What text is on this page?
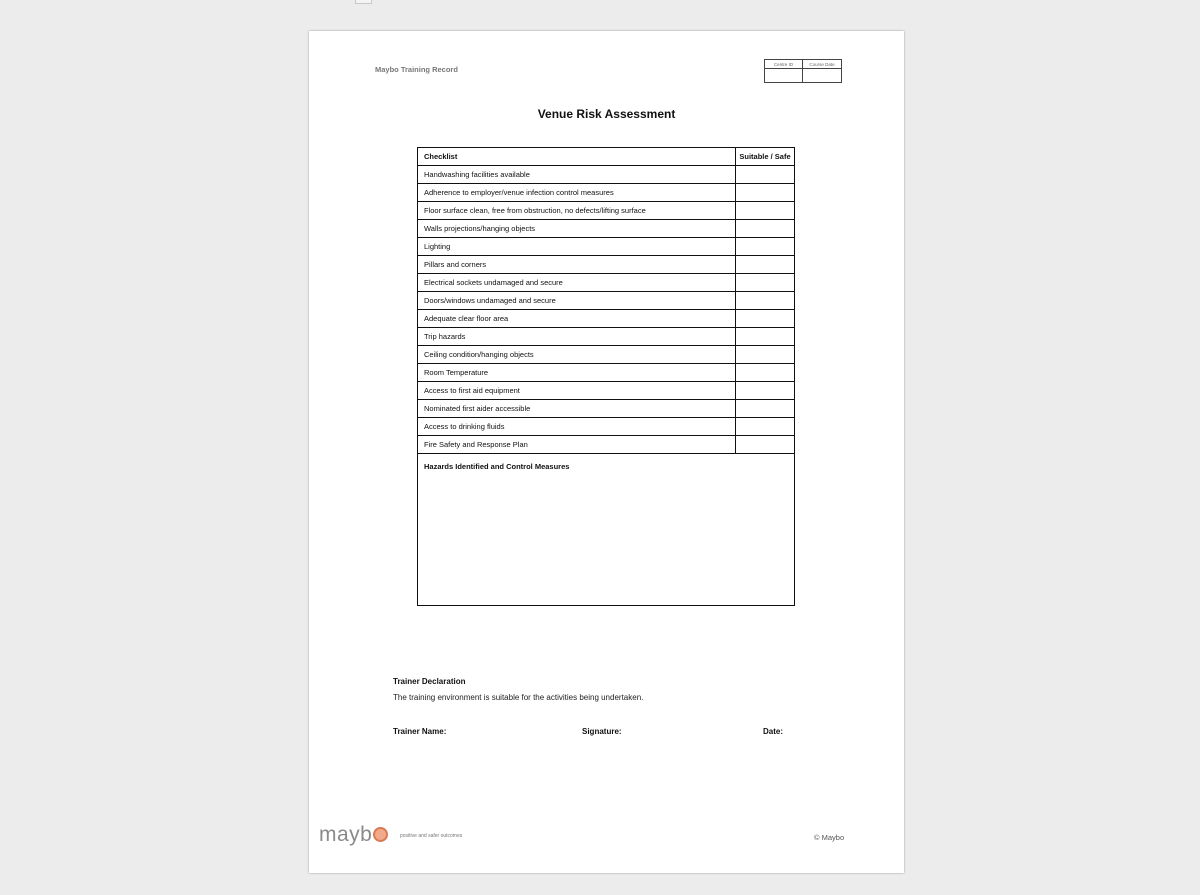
Maybo Training Record
Centre ID	Course Date
Venue Risk Assessment
Checklist	Suitable / Safe
Handwashing facilities available	
Adherence to employer/venue infection control measures	
Floor surface clean, free from obstruction, no defects/lifting surface	
Walls projections/hanging objects	
Lighting	
Pillars and corners	
Electrical sockets undamaged and secure	
Doors/windows undamaged and secure	
Adequate clear floor area	
Trip hazards	
Ceiling condition/hanging objects	
Room Temperature	
Access to first aid equipment	
Nominated first aider accessible	
Access to drinking fluids	
Fire Safety and Response Plan	
Hazards Identified and Control Measures	
Trainer Declaration
The training environment is suitable for the activities being undertaken.
Trainer Name:	Signature:	Date:
mayb	positive and safer outcomes	© Maybo
